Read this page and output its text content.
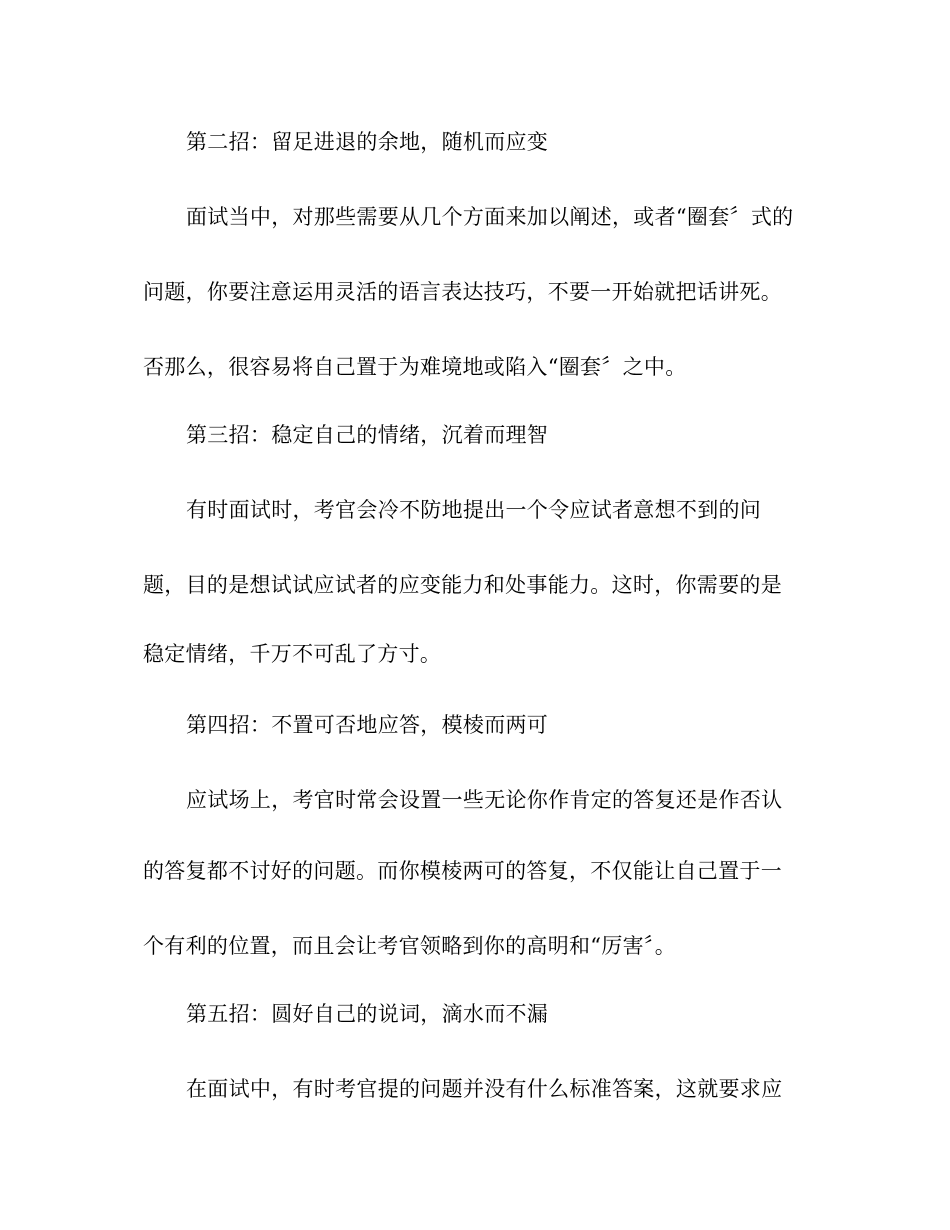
第二招：留足进退的余地，随机而应变
面试当中，对那些需要从几个方面来加以阐述，或者“圈套〞式的
问题，你要注意运用灵活的语言表达技巧，不要一开始就把话讲死。
否那么，很容易将自己置于为难境地或陷入“圈套〞之中。
第三招：稳定自己的情绪，沉着而理智
有时面试时，考官会冷不防地提出一个令应试者意想不到的问
题，目的是想试试应试者的应变能力和处事能力。这时，你需要的是
稳定情绪，千万不可乱了方寸。
第四招：不置可否地应答，模棱而两可
应试场上，考官时常会设置一些无论你作肯定的答复还是作否认
的答复都不讨好的问题。而你模棱两可的答复，不仅能让自己置于一
个有利的位置，而且会让考官领略到你的高明和“厉害〞。
第五招：圆好自己的说词，滴水而不漏
在面试中，有时考官提的问题并没有什么标准答案，这就要求应
